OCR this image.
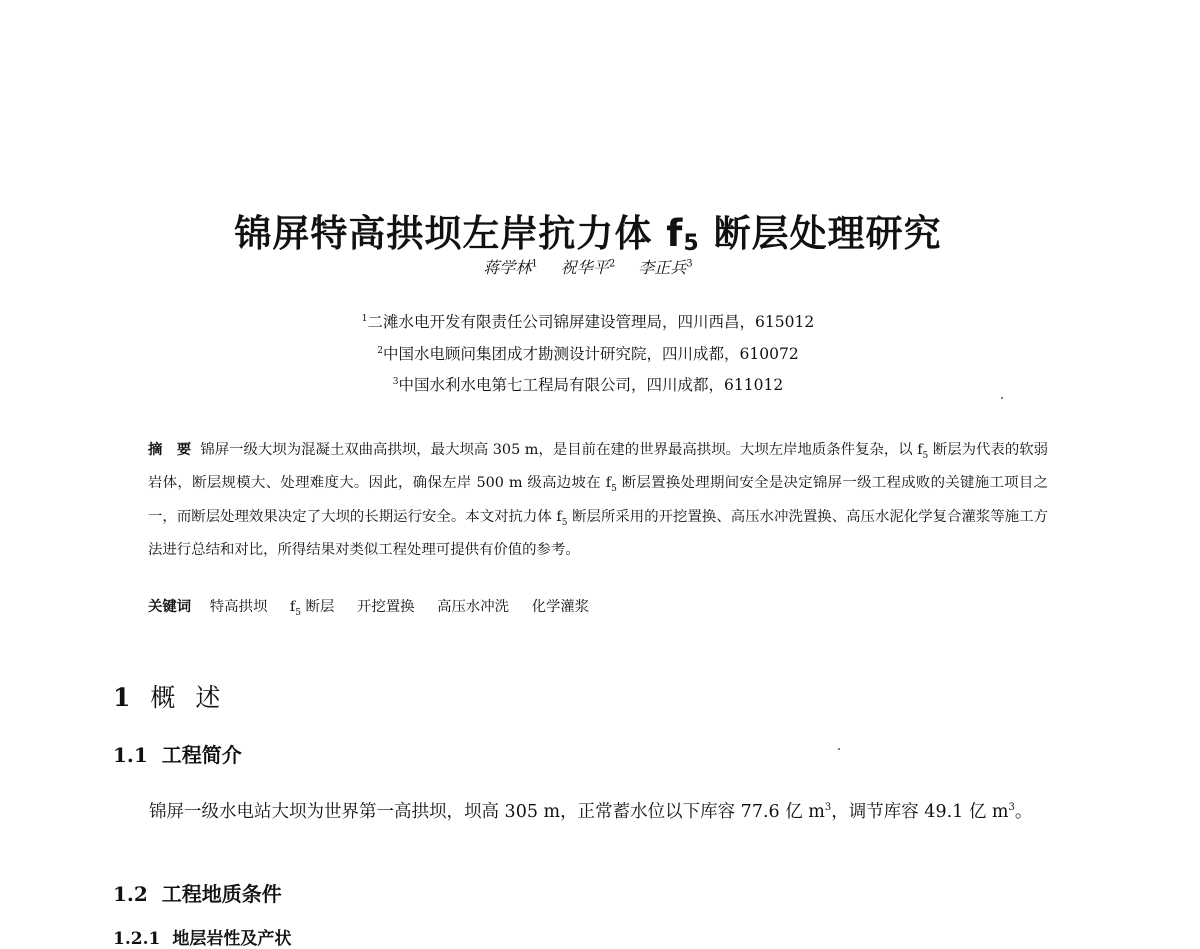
锦屏特高拱坝左岸抗力体 $f_5$ 断层处理研究
蒋学林$^1$ 祝华平$^2$ 李正兵$^3$
$^1$二滩水电开发有限责任公司锦屏建设管理局，四川西昌，615012
$^2$中国水电顾问集团成才勘测设计研究院，四川成都，610072
$^3$中国水利水电第七工程局有限公司，四川成都，611012
摘　要 锦屏一级大坝为混凝土双曲高拱坝，最大坝高 305 m，是目前在建的世界最高拱坝。大坝左岸地质条件复杂，以 $f_5$ 断层为代表的软弱岩体，断层规模大、处理难度大。因此，确保左岸 500 m 级高边坡在 $f_5$ 断层置换处理期间安全是决定锦屏一级工程成败的关键施工项目之一，而断层处理效果决定了大坝的长期运行安全。本文对抗力体 $f_5$ 断层所采用的开挖置换、高压水冲洗置换、高压水泥化学复合灌浆等施工方法进行总结和对比，所得结果对类似工程处理可提供有价值的参考。
关键词 特高拱坝 $f_5$ 断层 开挖置换 高压水冲洗 化学灌浆
1 概述
1.1 工程简介
锦屏一级水电站大坝为世界第一高拱坝，坝高 305 m，正常蓄水位以下库容 77.6 亿 $m^3$，调节库容 49.1 亿 $m^3$。
1.2 工程地质条件
1.2.1 地层岩性及产状
